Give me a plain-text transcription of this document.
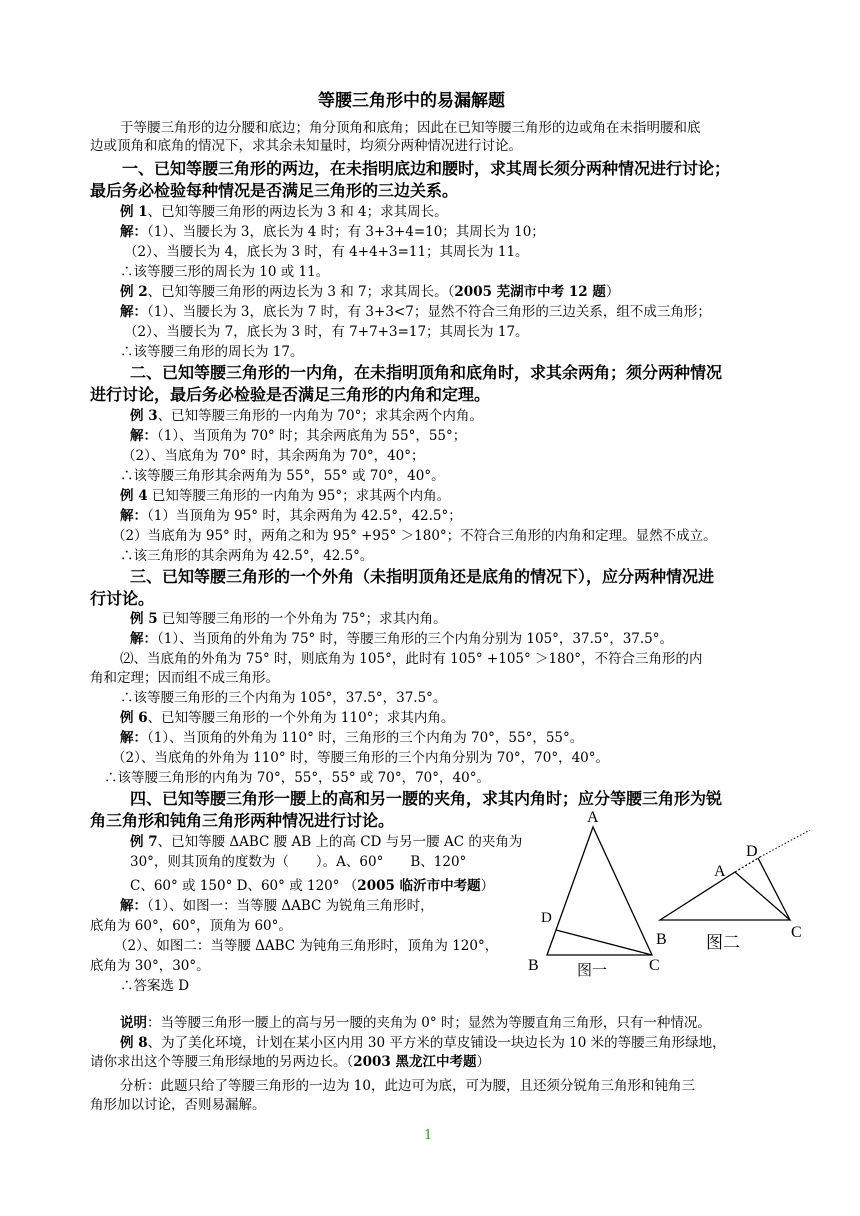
等腰三角形中的易漏解题
于等腰三角形的边分腰和底边；角分顶角和底角；因此在已知等腰三角形的边或角在未指明腰和底
边或顶角和底角的情况下，求其余未知量时，均须分两种情况进行讨论。
一、已知等腰三角形的两边，在未指明底边和腰时，求其周长须分两种情况进行讨论；
最后务必检验每种情况是否满足三角形的三边关系。
例 1、已知等腰三角形的两边长为 3 和 4；求其周长。
解：（1）、当腰长为 3，底长为 4 时；有 3+3+4=10；其周长为 10；
（2）、当腰长为 4，底长为 3 时，有 4+4+3=11；其周长为 11。
∴该等腰三形的周长为 10 或 11。
例 2、已知等腰三角形的两边长为 3 和 7；求其周长。（2005 芜湖市中考 12 题）
解：（1）、当腰长为 3，底长为 7 时，有 3+3<7；显然不符合三角形的三边关系，组不成三角形；
（2）、当腰长为 7，底长为 3 时，有 7+7+3=17；其周长为 17。
∴该等腰三角形的周长为 17。
二、已知等腰三角形的一内角，在未指明顶角和底角时，求其余两角；须分两种情况
进行讨论，最后务必检验是否满足三角形的内角和定理。
例 3、已知等腰三角形的一内角为 70°；求其余两个内角。
解：（1）、当顶角为 70° 时；其余两底角为 55°，55°；
（2）、当底角为 70° 时，其余两角为 70°，40°；
∴该等腰三角形其余两角为 55°，55° 或 70°，40°。
例 4 已知等腰三角形的一内角为 95°；求其两个内角。
解：（1）当顶角为 95° 时，其余两角为 42.5°，42.5°；
（2）当底角为 95° 时，两角之和为 95° +95° ＞180°；不符合三角形的内角和定理。显然不成立。
∴该三角形的其余两角为 42.5°，42.5°。
三、已知等腰三角形的一个外角（未指明顶角还是底角的情况下），应分两种情况进
行讨论。
例 5 已知等腰三角形的一个外角为 75°；求其内角。
解：（1）、当顶角的外角为 75° 时，等腰三角形的三个内角分别为 105°，37.5°，37.5°。
⑵、当底角的外角为 75° 时，则底角为 105°，此时有 105° +105° ＞180°，不符合三角形的内
角和定理；因而组不成三角形。
∴该等腰三角形的三个内角为 105°，37.5°，37.5°。
例 6、已知等腰三角形的一个外角为 110°；求其内角。
解：（1）、当顶角的外角为 110° 时，三角形的三个内角为 70°，55°，55°。
（2）、当底角的外角为 110° 时，等腰三角形的三个内角分别为 70°，70°，40°。
∴该等腰三角形的内角为 70°，55°，55° 或 70°，70°，40°。
四、已知等腰三角形一腰上的高和另一腰的夹角，求其内角时；应分等腰三角形为锐
角三角形和钝角三角形两种情况进行讨论。
例 7、已知等腰 ΔABC 腰 AB 上的高 CD 与另一腰 AC 的夹角为
30°，则其顶角的度数为（　　）。A、60°　　B、120°
C、60° 或 150° D、60° 或 120° （2005 临沂市中考题）
解：（1）、如图一：当等腰 ΔABC 为锐角三角形时，
底角为 60°，60°，顶角为 60°。
（2）、如图二：当等腰 ΔABC 为钝角三角形时，顶角为 120°，
底角为 30°，30°。
∴答案选 D
A
B	C
D
图一
A
B	C
D
图二
说明：当等腰三角形一腰上的高与另一腰的夹角为 0° 时；显然为等腰直角三角形，只有一种情况。
例 8、为了美化环境，计划在某小区内用 30 平方米的草皮铺设一块边长为 10 米的等腰三角形绿地，
请你求出这个等腰三角形绿地的另两边长。（2003 黑龙江中考题）
分析：此题只给了等腰三角形的一边为 10，此边可为底，可为腰，且还须分锐角三角形和钝角三
角形加以讨论，否则易漏解。
1
